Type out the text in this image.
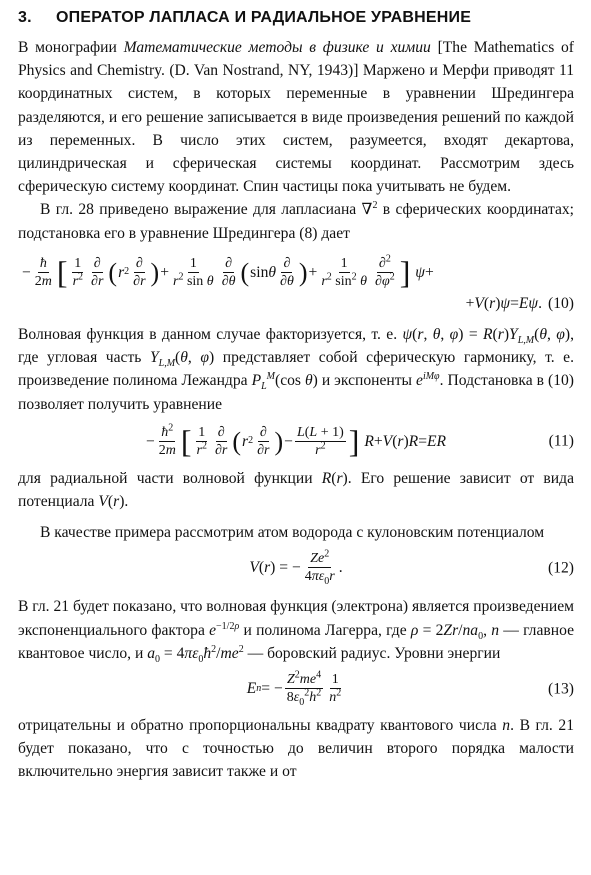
3. ОПЕРАТОР ЛАПЛАСА И РАДИАЛЬНОЕ УРАВНЕНИЕ

В монографии Математические методы в физике и химии [The Mathematics of Physics and Chemistry. (D. Van Nostrand, NY, 1943)] Маржено и Мерфи приводят 11 координатных систем, в которых переменные в уравнении Шредингера разделяются, и его решение записывается в виде произведения решений по каждой из переменных. В число этих систем, разумеется, входят декартова, цилиндрическая и сферическая системы координат. Рассмотрим здесь сферическую систему координат. Спин частицы пока учитывать не будем.

В гл. 28 приведено выражение для лапласиана ∇$^2$ в сферических координатах; подстановка его в уравнение Шредингера (8) дает

− $\frac{ħ}{2m}$ [ $\frac{1}{r^2} \frac{\partial}{\partial r}$ ( r $2 \frac{\partial}{\partial r}$ ) + $\frac{1}{r^2 \sin \theta} \frac{\partial}{\partial\theta}$ ( sin θ $\frac{\partial}{\partial\theta}$ ) + $\frac{1}{r^2 \sin^2 \theta} \frac{\partial^2}{\partial\varphi^2}$ ]
ψ +
+ V ( r ) ψ = Eψ . (10)

Волновая функция в данном случае факторизуется, т. е. ψ(r, θ, $\varphi) = R(r)Y_{L,M}(\theta$, φ), где угловая часть $Y_{L,M}(\theta$, φ) представляет собой сферическую гармонику, т. е. произведение полинома Лежандра $P_L^M(\cos$ θ) и экспоненты $e^{iM\varphi}$. Подстановка в (10) позволяет получить уравнение

− $\frac{ħ^2}{2m}$ [ $\frac{1}{r^2} \frac{\partial}{\partial r}$ ( r $2 \frac{\partial}{\partial r}$ ) − $\frac{L(L + 1)}{r^2}$ ]
R + V ( r ) R = ER	(11)

для радиальной части волновой функции R(r). Его решение зависит от вида потенциала V(r).

В качестве примера рассмотрим атом водорода с кулоновским потенциалом

V ( r ) = − $\frac{Ze^2}{4\pi\varepsilon_0r}$ .	(12)

В гл. 21 будет показано, что волновая функция (электрона) является произведением экспоненциального фактора $e^{-1/2\rho}$ и полинома Лагерра, где $\rho = 2Zr/na_0$, n — главное квантовое число, и $a_0$ = $4\pi\varepsilon_0ħ^2/me^2$ — боровский радиус. Уровни энергии

E n = − $\frac{Z^2me^4}{8\varepsilon_0^2h^2} \frac{1}{n^2}$	(13)

отрицательны и обратно пропорциональны квадрату квантового числа n. В гл. 21 будет показано, что с точностью до величин второго порядка малости включительно энергия зависит также и от
